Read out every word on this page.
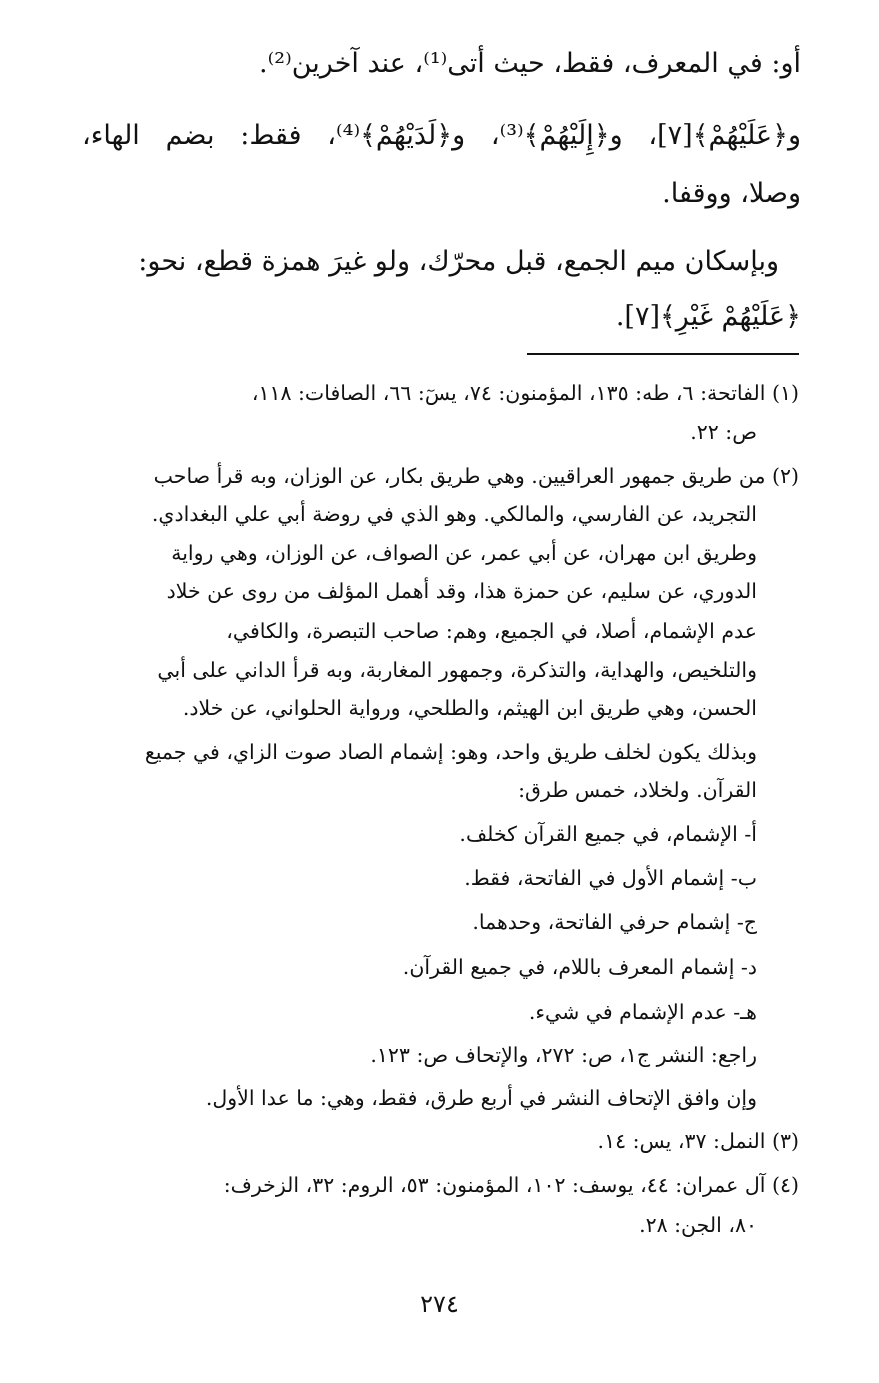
أو: في المعرف، فقط، حيث أتى⁽¹⁾، عند آخرين⁽²⁾.
و﴿عَلَيْهُمْ﴾[٧]، و﴿إِلَيْهُمْ﴾⁽³⁾، و﴿لَدَيْهُمْ﴾⁽⁴⁾، فقط: بضم الهاء،
وصلا، ووقفا.
وبإسكان ميم الجمع، قبل محرّك، ولو غيرَ همزة قطع، نحو:
﴿عَلَيْهُمْ غَيْرِ﴾[٧].
(١) الفاتحة: ٦، طه: ١٣٥، المؤمنون: ٧٤، يسٓ: ٦٦، الصافات: ١١٨،
ص: ٢٢.
(٢) من طريق جمهور العراقيين. وهي طريق بكار، عن الوزان، وبه قرأ صاحب
التجريد، عن الفارسي، والمالكي. وهو الذي في روضة أبي علي البغدادي.
وطريق ابن مهران، عن أبي عمر، عن الصواف، عن الوزان، وهي رواية
الدوري، عن سليم، عن حمزة هذا، وقد أهمل المؤلف من روى عن خلاد
عدم الإشمام، أصلا، في الجميع، وهم: صاحب التبصرة، والكافي،
والتلخيص، والهداية، والتذكرة، وجمهور المغاربة، وبه قرأ الداني على أبي
الحسن، وهي طريق ابن الهيثم، والطلحي، ورواية الحلواني، عن خلاد.
وبذلك يكون لخلف طريق واحد، وهو: إشمام الصاد صوت الزاي، في جميع
القرآن. ولخلاد، خمس طرق:
أ- الإشمام، في جميع القرآن كخلف.
ب- إشمام الأول في الفاتحة، فقط.
ج- إشمام حرفي الفاتحة، وحدهما.
د- إشمام المعرف باللام، في جميع القرآن.
هـ- عدم الإشمام في شيء.
راجع: النشر ج١، ص: ٢٧٢، والإتحاف ص: ١٢٣.
وإن وافق الإتحاف النشر في أربع طرق، فقط، وهي: ما عدا الأول.
(٣) النمل: ٣٧، يس: ١٤.
(٤) آل عمران: ٤٤، يوسف: ١٠٢، المؤمنون: ٥٣، الروم: ٣٢، الزخرف:
٨٠، الجن: ٢٨.
٢٧٤
